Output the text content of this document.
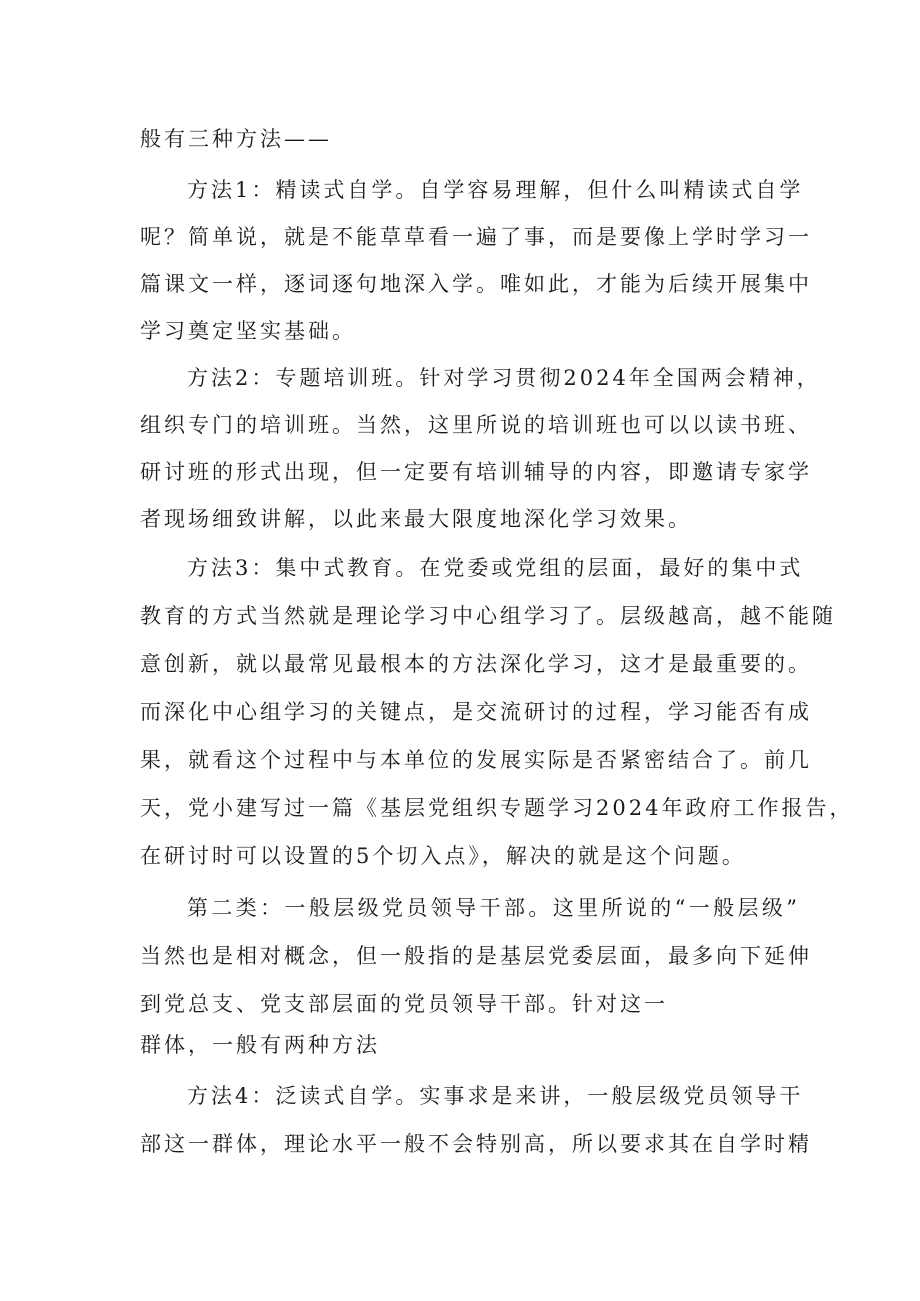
般有三种方法——
方法1：精读式自学。自学容易理解，但什么叫精读式自学
呢？简单说，就是不能草草看一遍了事，而是要像上学时学习一
篇课文一样，逐词逐句地深入学。唯如此，才能为后续开展集中
学习奠定坚实基础。
方法2：专题培训班。针对学习贯彻2024年全国两会精神，
组织专门的培训班。当然，这里所说的培训班也可以以读书班、
研讨班的形式出现，但一定要有培训辅导的内容，即邀请专家学
者现场细致讲解，以此来最大限度地深化学习效果。
方法3：集中式教育。在党委或党组的层面，最好的集中式
教育的方式当然就是理论学习中心组学习了。层级越高，越不能随
意创新，就以最常见最根本的方法深化学习，这才是最重要的。
而深化中心组学习的关键点，是交流研讨的过程，学习能否有成
果，就看这个过程中与本单位的发展实际是否紧密结合了。前几
天，党小建写过一篇《基层党组织专题学习2024年政府工作报告，
在研讨时可以设置的5个切入点》，解决的就是这个问题。
第二类：一般层级党员领导干部。这里所说的“一般层级”
当然也是相对概念，但一般指的是基层党委层面，最多向下延伸
到党总支、党支部层面的党员领导干部。针对这一
群体，一般有两种方法
方法4：泛读式自学。实事求是来讲，一般层级党员领导干
部这一群体，理论水平一般不会特别高，所以要求其在自学时精
